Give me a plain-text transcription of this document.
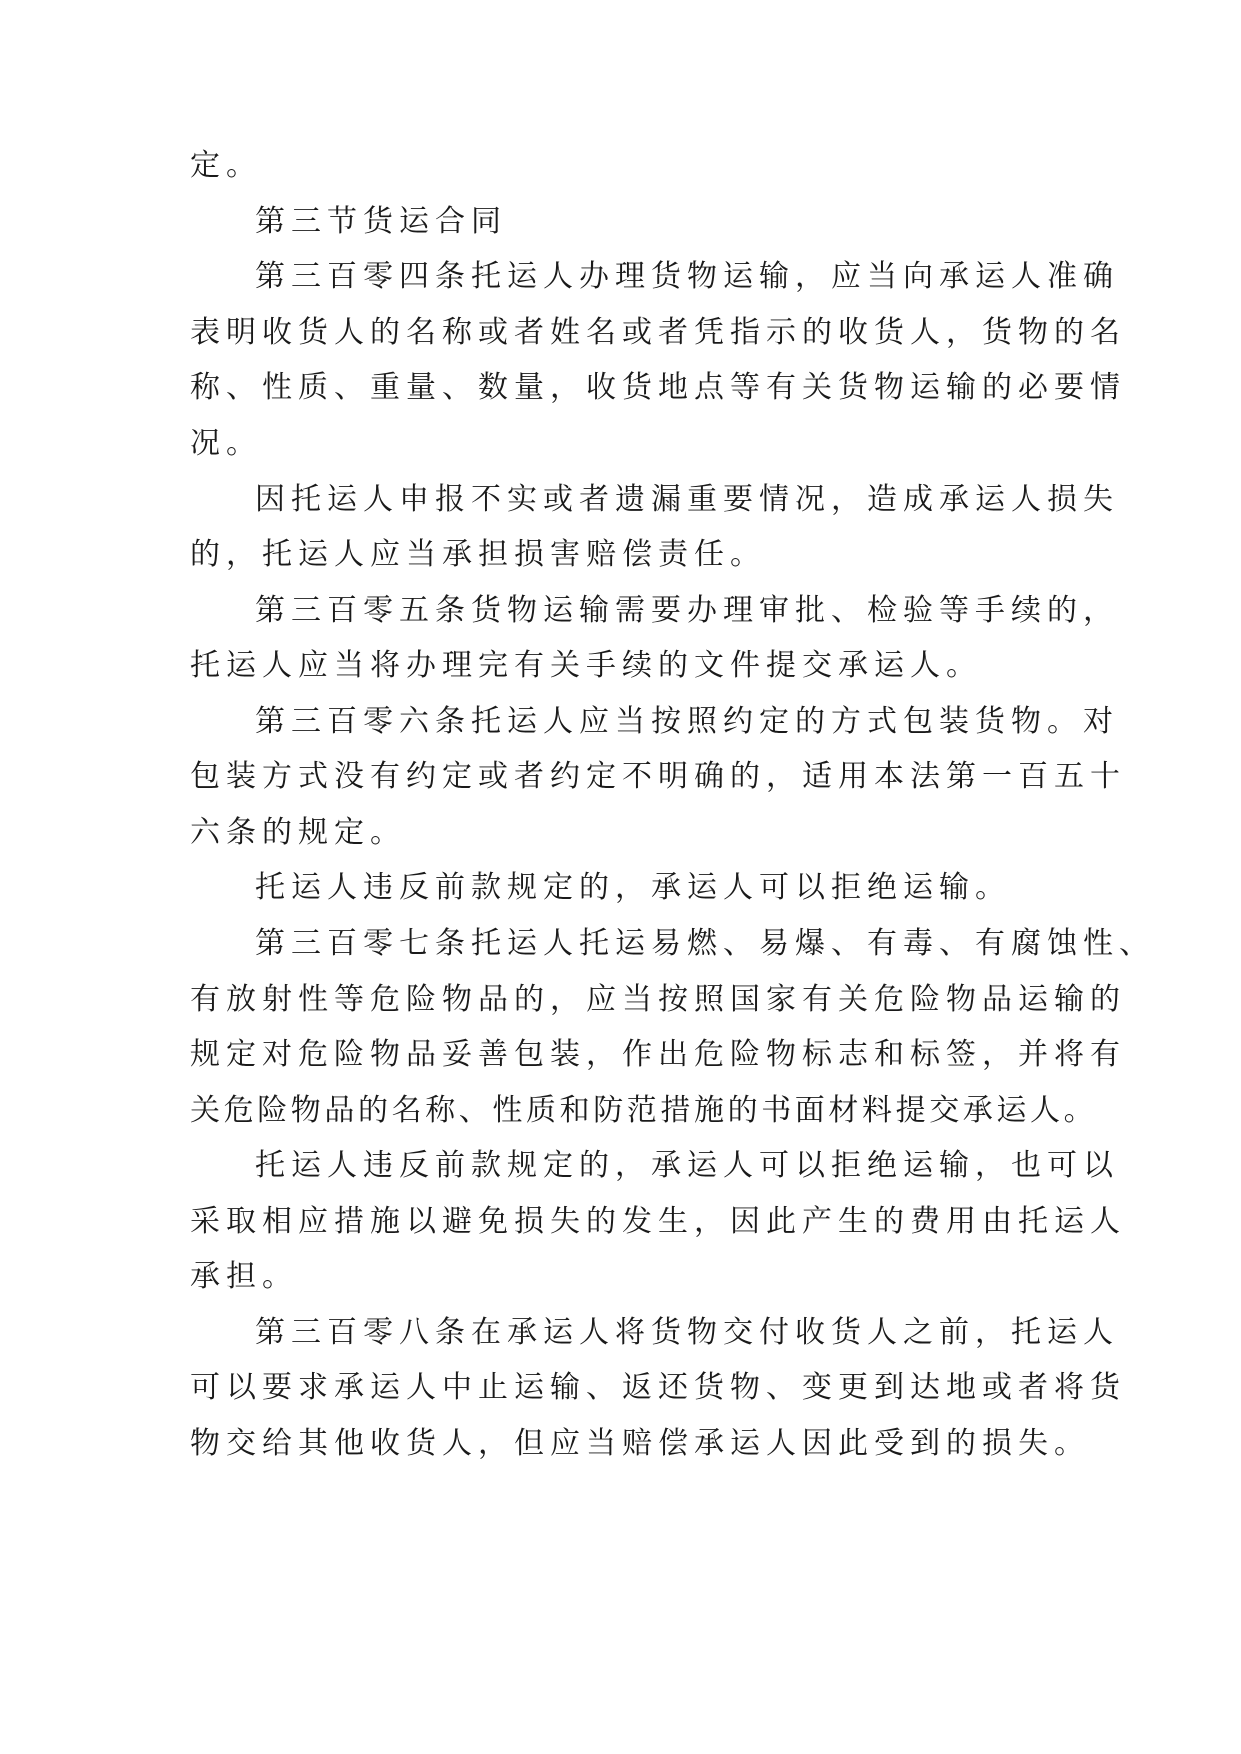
定。

第三节货运合同

第三百零四条托运人办理货物运输，应当向承运人准确

表明收货人的名称或者姓名或者凭指示的收货人，货物的名

称、性质、重量、数量，收货地点等有关货物运输的必要情

况。

因托运人申报不实或者遗漏重要情况，造成承运人损失

的，托运人应当承担损害赔偿责任。

第三百零五条货物运输需要办理审批、检验等手续的，

托运人应当将办理完有关手续的文件提交承运人。

第三百零六条托运人应当按照约定的方式包装货物。对

包装方式没有约定或者约定不明确的，适用本法第一百五十

六条的规定。

托运人违反前款规定的，承运人可以拒绝运输。

第三百零七条托运人托运易燃、易爆、有毒、有腐蚀性、

有放射性等危险物品的，应当按照国家有关危险物品运输的

规定对危险物品妥善包装，作出危险物标志和标签，并将有

关危险物品的名称、性质和防范措施的书面材料提交承运人。

托运人违反前款规定的，承运人可以拒绝运输，也可以

采取相应措施以避免损失的发生，因此产生的费用由托运人

承担。

第三百零八条在承运人将货物交付收货人之前，托运人

可以要求承运人中止运输、返还货物、变更到达地或者将货

物交给其他收货人，但应当赔偿承运人因此受到的损失。
